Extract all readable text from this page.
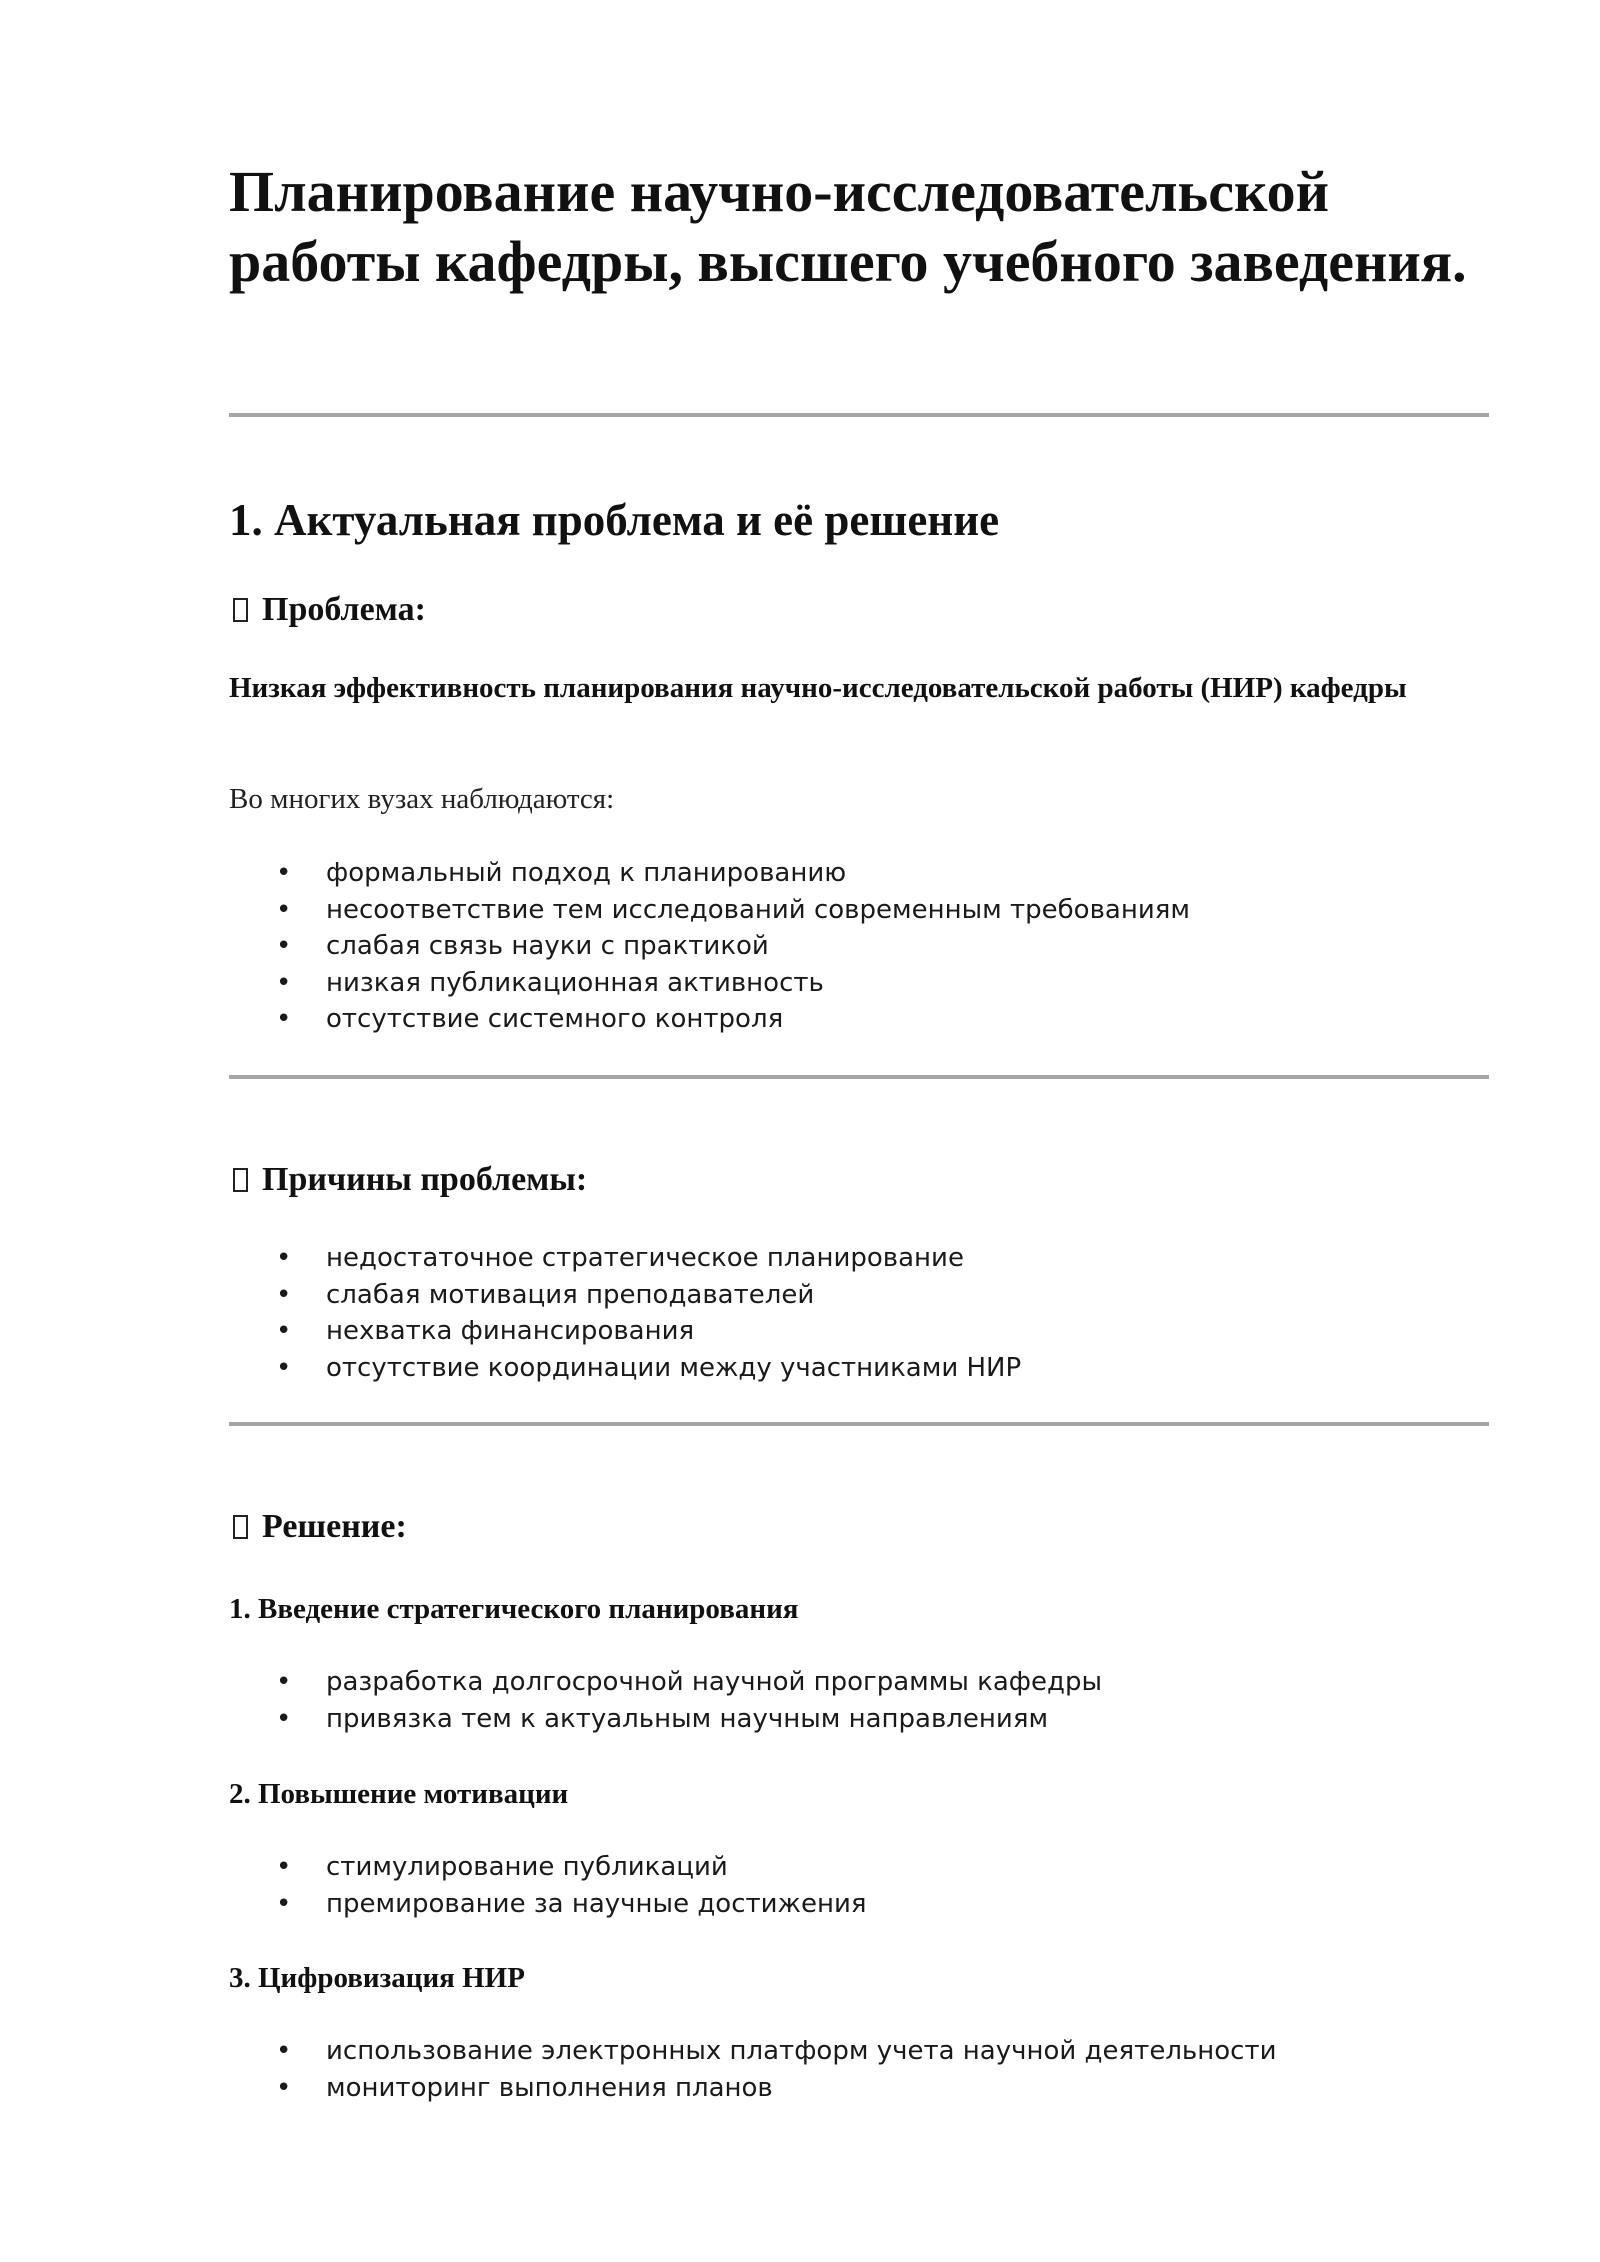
Планирование научно-исследовательской работы кафедры, высшего учебного заведения.
1. Актуальная проблема и её решение
Проблема:

Низкая эффективность планирования научно-исследовательской работы (НИР) кафедры

Во многих вузах наблюдаются:

• формальный подход к планированию
• несоответствие тем исследований современным требованиям
• слабая связь науки с практикой
• низкая публикационная активность
• отсутствие системного контроля
Причины проблемы:
• недостаточное стратегическое планирование
• слабая мотивация преподавателей
• нехватка финансирования
• отсутствие координации между участниками НИР
Решение:

1. Введение стратегического планирования

• разработка долгосрочной научной программы кафедры
• привязка тем к актуальным научным направлениям

2. Повышение мотивации

• стимулирование публикаций
• премирование за научные достижения

3. Цифровизация НИР

• использование электронных платформ учета научной деятельности
• мониторинг выполнения планов
